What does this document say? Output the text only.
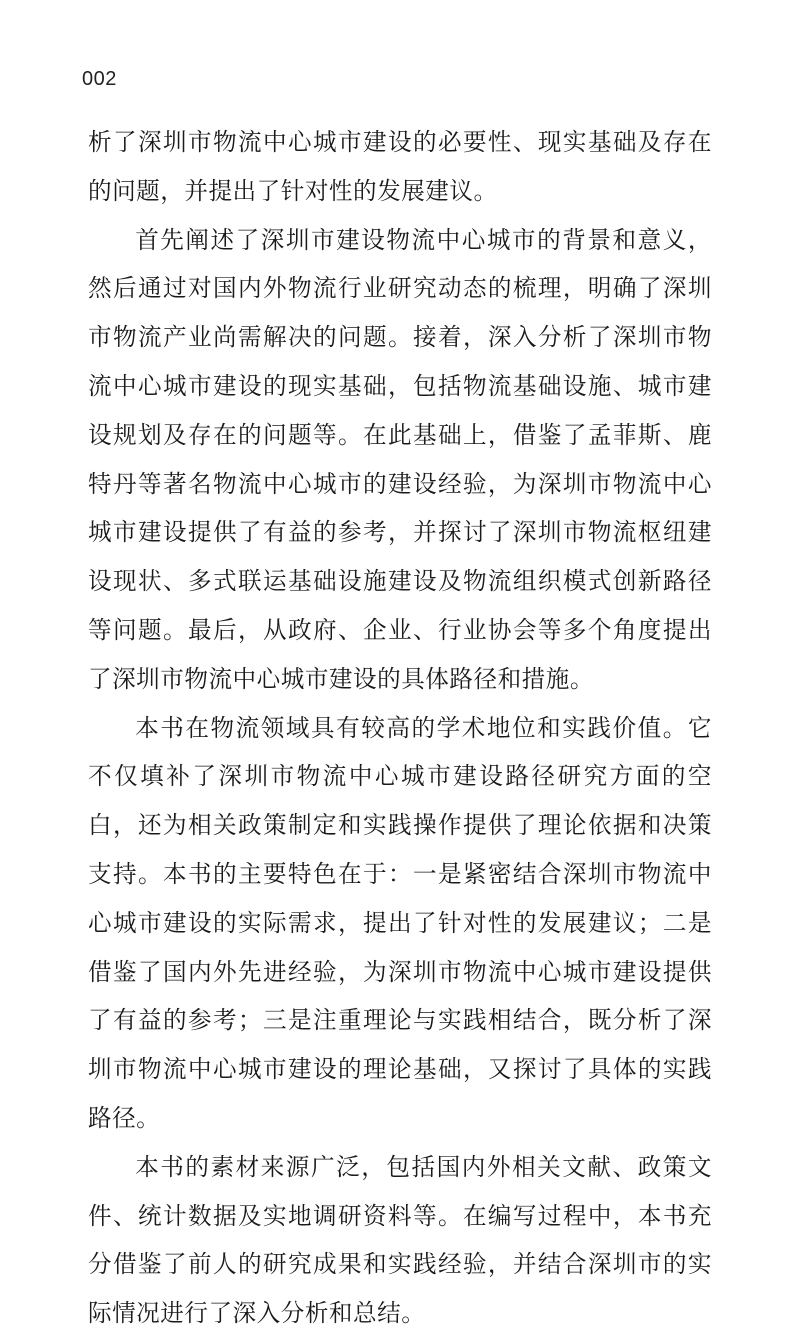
002

析了深圳市物流中心城市建设的必要性、现实基础及存在的问题，并提出了针对性的发展建议。

首先阐述了深圳市建设物流中心城市的背景和意义，然后通过对国内外物流行业研究动态的梳理，明确了深圳市物流产业尚需解决的问题。接着，深入分析了深圳市物流中心城市建设的现实基础，包括物流基础设施、城市建设规划及存在的问题等。在此基础上，借鉴了孟菲斯、鹿特丹等著名物流中心城市的建设经验，为深圳市物流中心城市建设提供了有益的参考，并探讨了深圳市物流枢纽建设现状、多式联运基础设施建设及物流组织模式创新路径等问题。最后，从政府、企业、行业协会等多个角度提出了深圳市物流中心城市建设的具体路径和措施。

本书在物流领域具有较高的学术地位和实践价值。它不仅填补了深圳市物流中心城市建设路径研究方面的空白，还为相关政策制定和实践操作提供了理论依据和决策支持。本书的主要特色在于：一是紧密结合深圳市物流中心城市建设的实际需求，提出了针对性的发展建议；二是借鉴了国内外先进经验，为深圳市物流中心城市建设提供了有益的参考；三是注重理论与实践相结合，既分析了深圳市物流中心城市建设的理论基础，又探讨了具体的实践路径。

本书的素材来源广泛，包括国内外相关文献、政策文件、统计数据及实地调研资料等。在编写过程中，本书充分借鉴了前人的研究成果和实践经验，并结合深圳市的实际情况进行了深入分析和总结。
